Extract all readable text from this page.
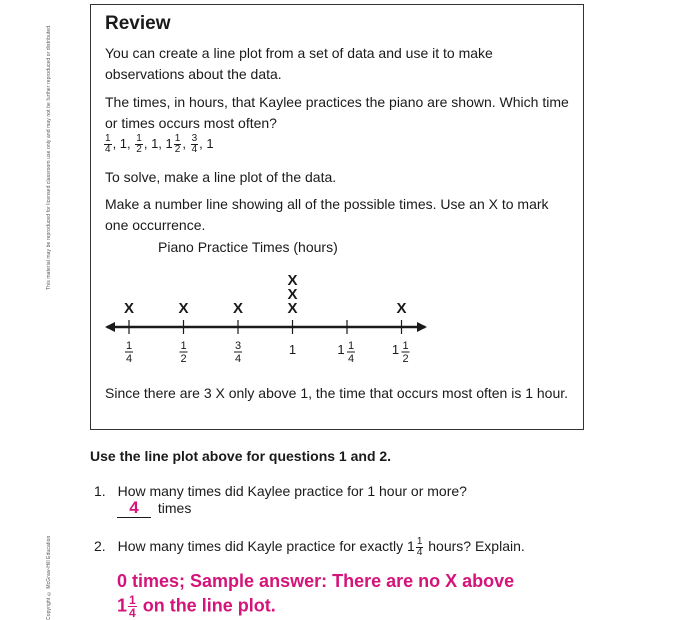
This material may be reproduced for licensed classroom use only and may not be further reproduced or distributed.
Copyright © McGraw-Hill Education
Review
You can create a line plot from a set of data and use it to make observations about the data.
The times, in hours, that Kaylee practices the piano are shown. Which time or times occurs most often?
$\frac{1}{4}$ , 1, $\frac{1}{2}$ , 1, $1 \frac{1}{2}$ , $\frac{3}{4}$ , 1
To solve, make a line plot of the data.
Make a number line showing all of the possible times. Use an X to mark one occurrence.
Piano Practice Times (hours)
1
4
X
1
2
X
3
4
X
1
X
X
X
1 1
4
1 1
2
X
Since there are 3 X only above 1, the time that occurs most often is 1 hour.
Use the line plot above for questions 1 and 2.
1. How many times did Kaylee practice for 1 hour or more?
4 times
2. How many times did Kayle practice for exactly $1 \frac{1}{4}$ hours? Explain.
0 times; Sample answer: There are no X above
$1 \frac{1}{4}$ on the line plot.
